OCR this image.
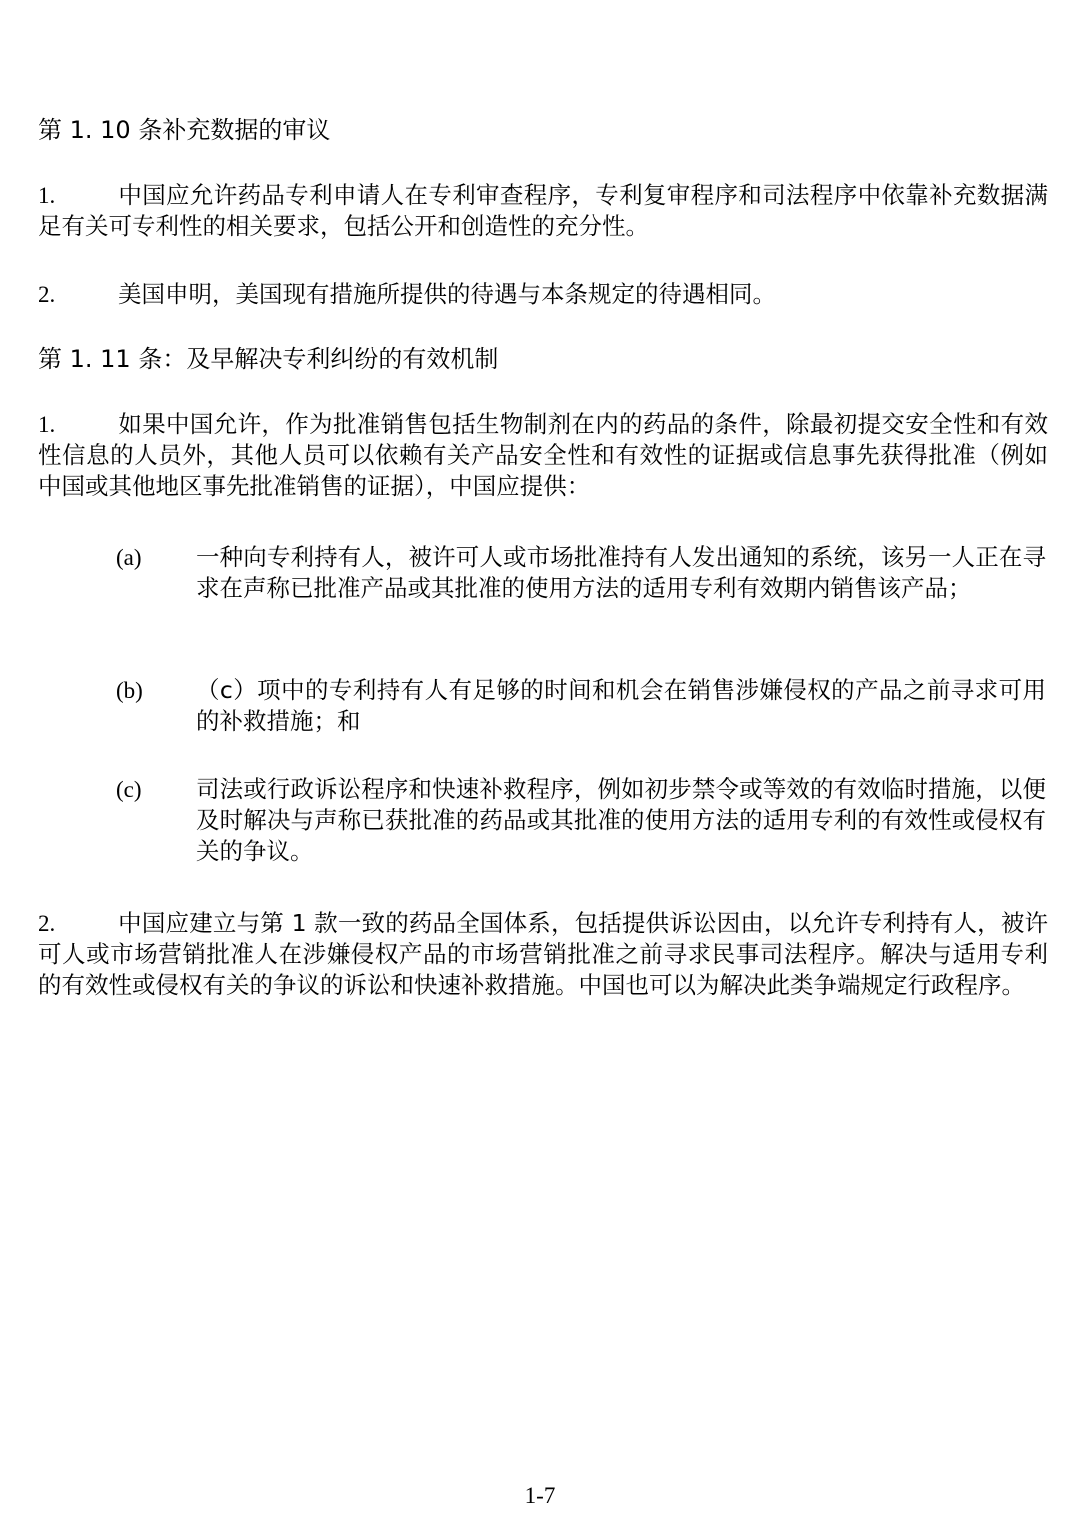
第 1. 10 条补充数据的审议
1.	中国应允许药品专利申请人在专利审查程序，专利复审程序和司法程序中依靠补充数据满足有关可专利性的相关要求，包括公开和创造性的充分性。
2.	美国申明，美国现有措施所提供的待遇与本条规定的待遇相同。
第 1. 11 条：及早解决专利纠纷的有效机制
1.	如果中国允许，作为批准销售包括生物制剂在内的药品的条件，除最初提交安全性和有效性信息的人员外，其他人员可以依赖有关产品安全性和有效性的证据或信息事先获得批准（例如中国或其他地区事先批准销售的证据），中国应提供：
(a) 一种向专利持有人，被许可人或市场批准持有人发出通知的系统，该另一人正在寻求在声称已批准产品或其批准的使用方法的适用专利有效期内销售该产品；
(b) （c）项中的专利持有人有足够的时间和机会在销售涉嫌侵权的产品之前寻求可用的补救措施；和
(c) 司法或行政诉讼程序和快速补救程序，例如初步禁令或等效的有效临时措施，以便及时解决与声称已获批准的药品或其批准的使用方法的适用专利的有效性或侵权有关的争议。
2.	中国应建立与第 1 款一致的药品全国体系，包括提供诉讼因由，以允许专利持有人，被许可人或市场营销批准人在涉嫌侵权产品的市场营销批准之前寻求民事司法程序。解决与适用专利的有效性或侵权有关的争议的诉讼和快速补救措施。中国也可以为解决此类争端规定行政程序。
1-7
